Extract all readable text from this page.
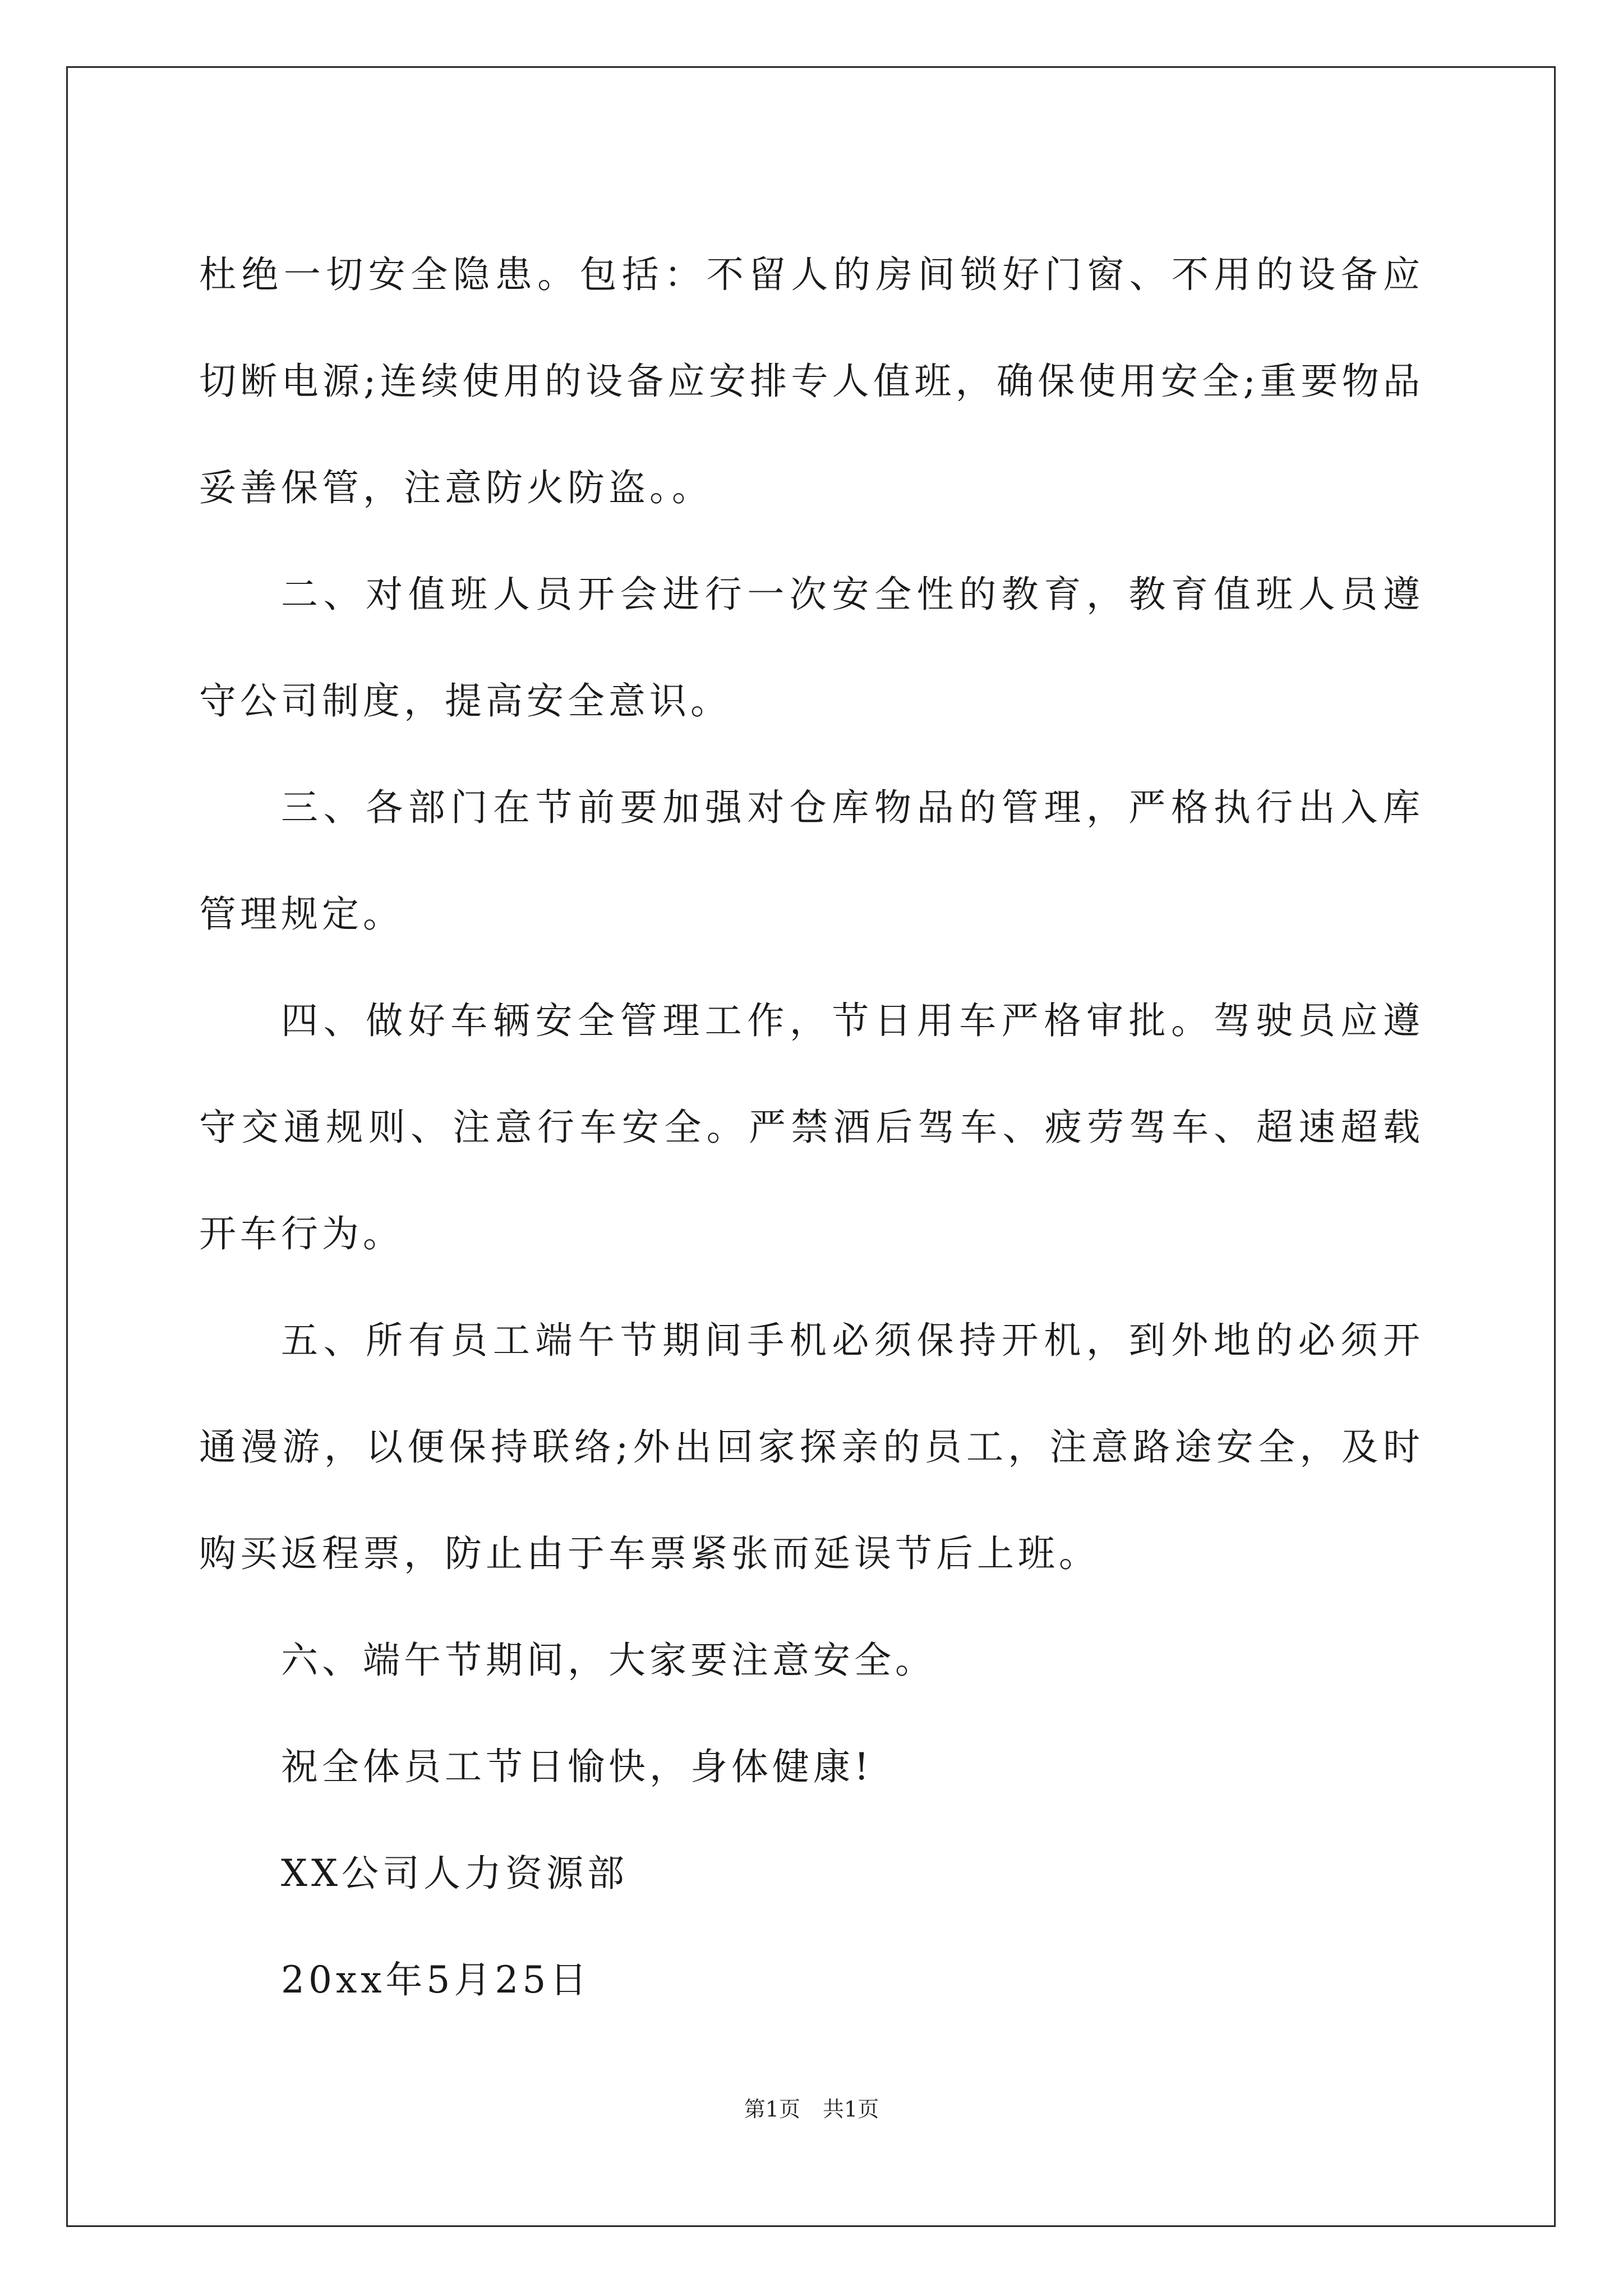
杜绝一切安全隐患。包括：不留人的房间锁好门窗、不用的设备应切断电源;连续使用的设备应安排专人值班，确保使用安全;重要物品妥善保管，注意防火防盗。。

二、对值班人员开会进行一次安全性的教育，教育值班人员遵守公司制度，提高安全意识。

三、各部门在节前要加强对仓库物品的管理，严格执行出入库管理规定。

四、做好车辆安全管理工作，节日用车严格审批。驾驶员应遵守交通规则、注意行车安全。严禁酒后驾车、疲劳驾车、超速超载开车行为。

五、所有员工端午节期间手机必须保持开机，到外地的必须开通漫游，以便保持联络;外出回家探亲的员工，注意路途安全，及时购买返程票，防止由于车票紧张而延误节后上班。

六、端午节期间，大家要注意安全。

祝全体员工节日愉快，身体健康!

XX公司人力资源部

20xx年5月25日

第1页 共1页
